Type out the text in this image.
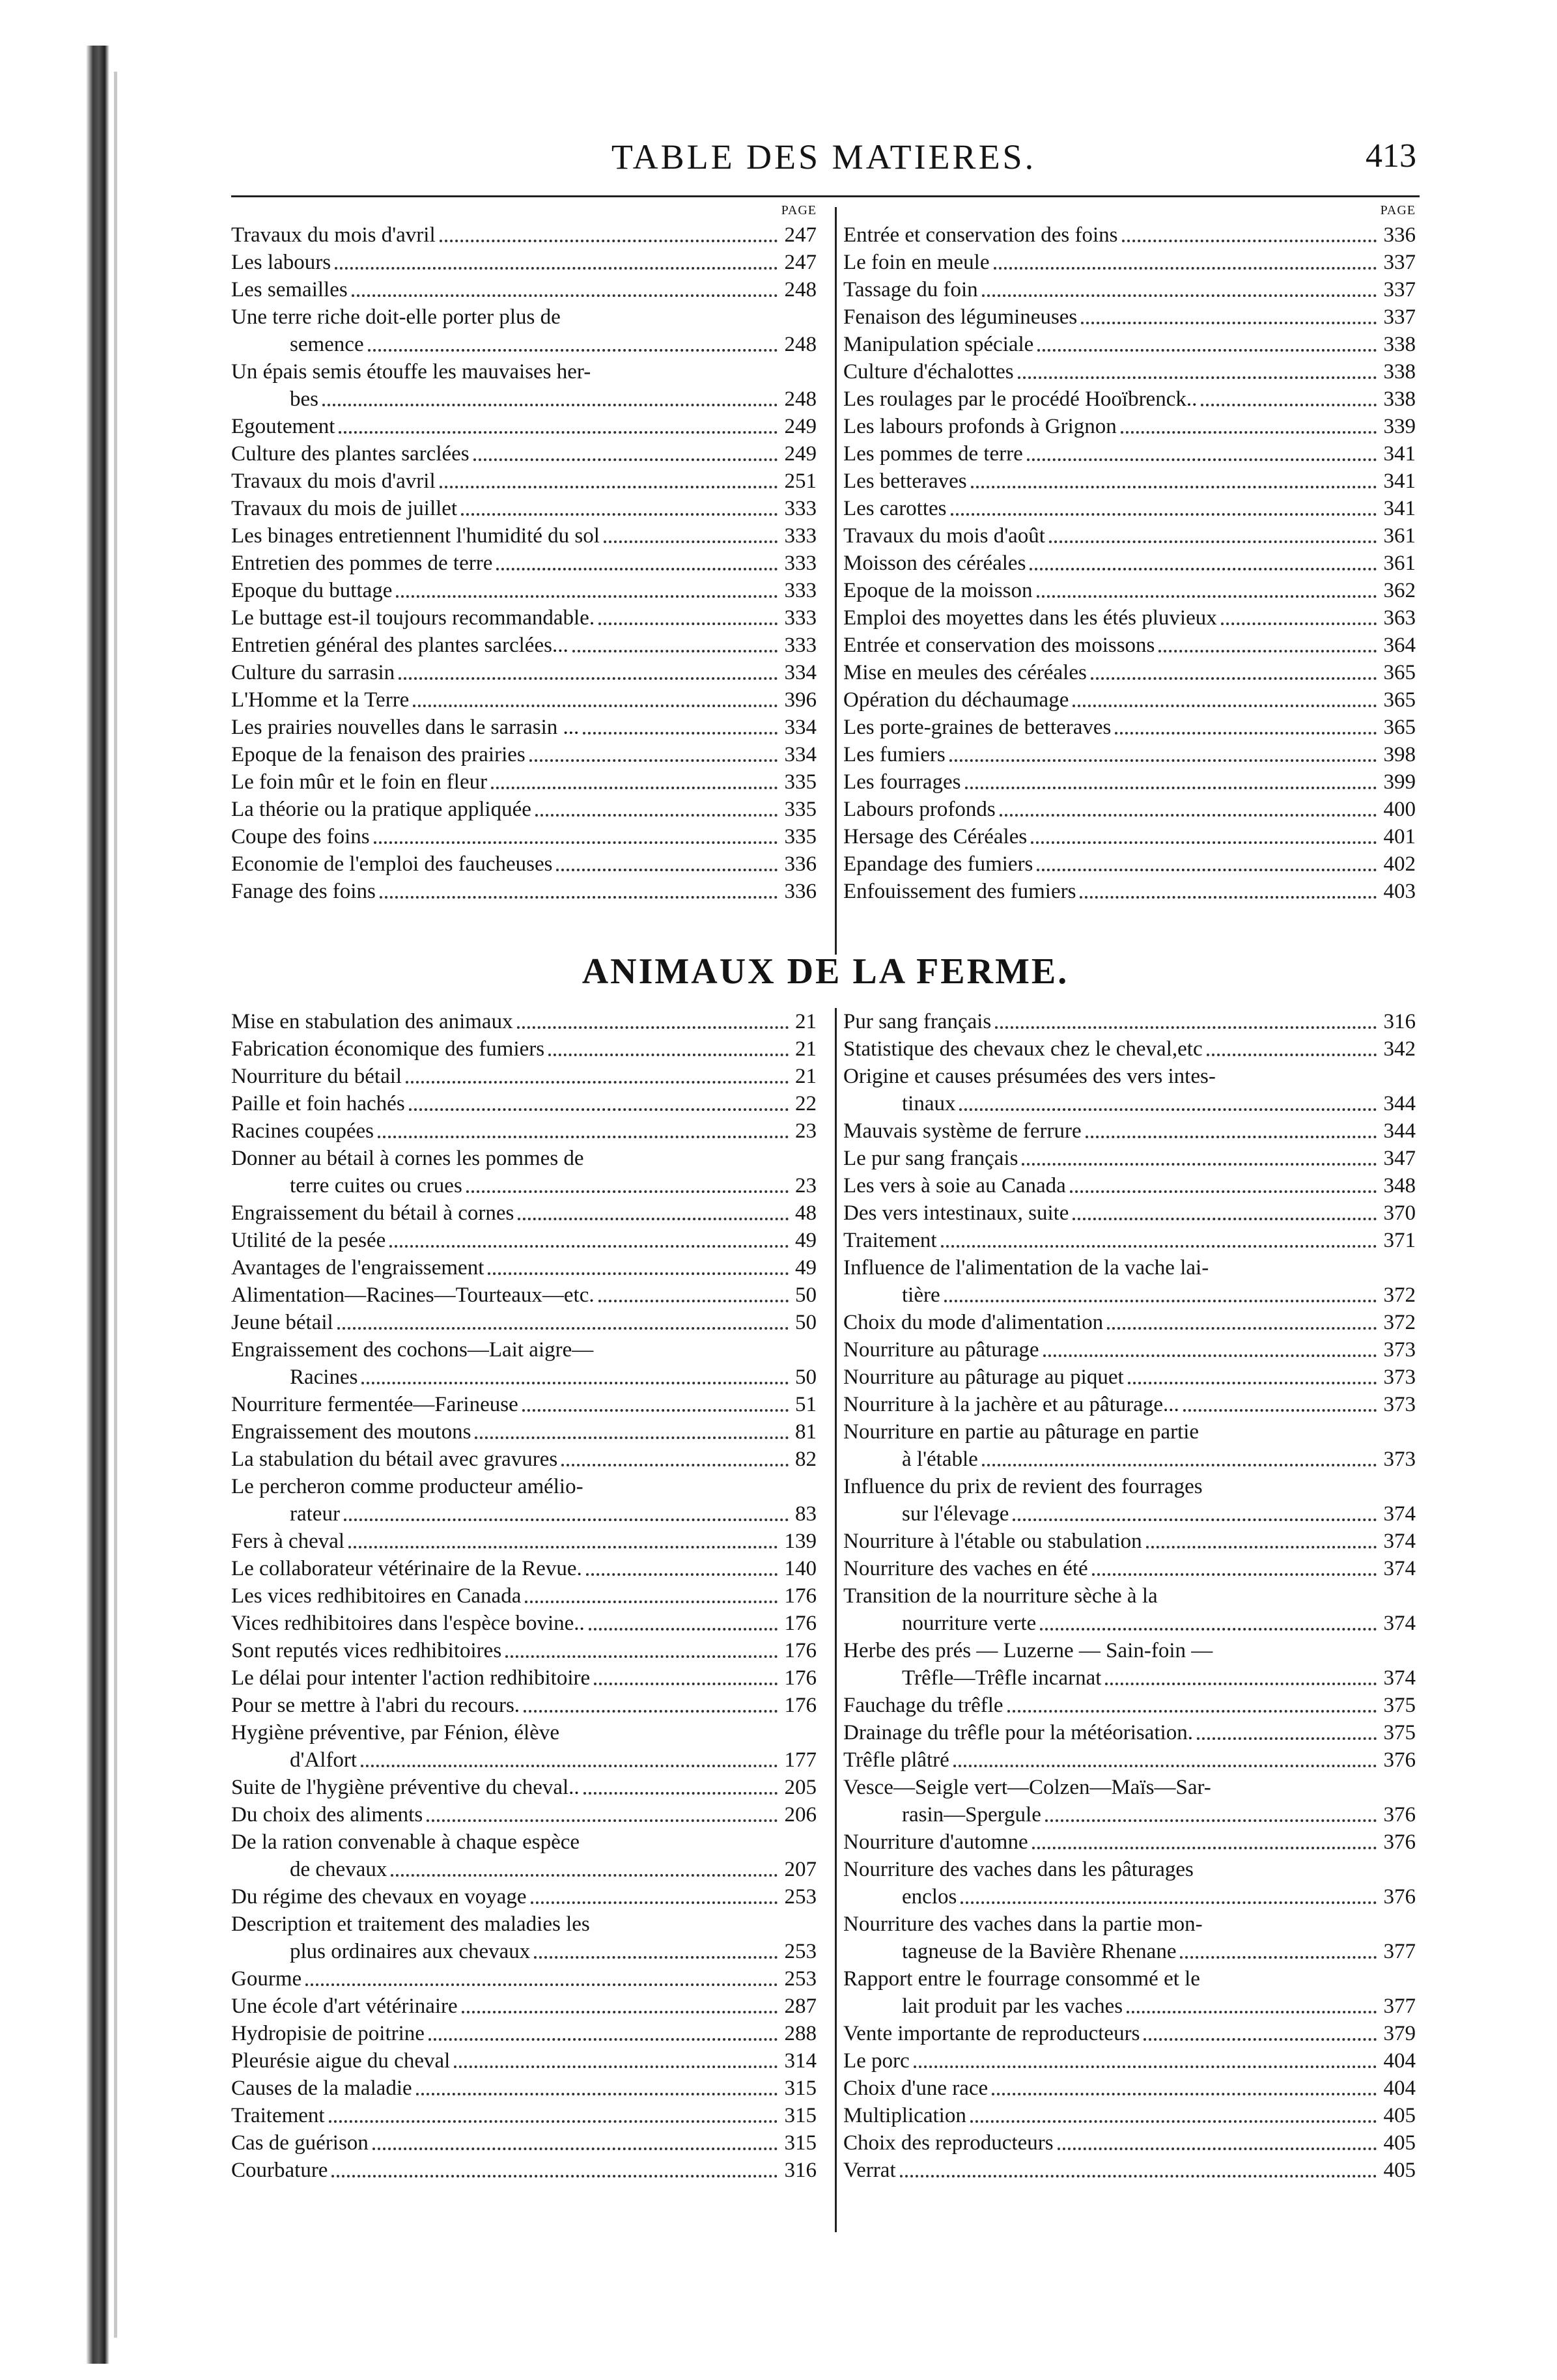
TABLE DES MATIERES.	413
PAGE
Travaux du mois d'avril	247
Les labours	247
Les semailles	248
Une terre riche doit-elle porter plus de
semence	248
Un épais semis étouffe les mauvaises her-
bes	248
Egoutement	249
Culture des plantes sarclées	249
Travaux du mois d'avril	251
Travaux du mois de juillet	333
Les binages entretiennent l'humidité du sol	333
Entretien des pommes de terre	333
Epoque du buttage	333
Le buttage est-il toujours recommandable.	333
Entretien général des plantes sarclées...	333
Culture du sarrasin	334
L'Homme et la Terre	396
Les prairies nouvelles dans le sarrasin ...	334
Epoque de la fenaison des prairies	334
Le foin mûr et le foin en fleur	335
La théorie ou la pratique appliquée	335
Coupe des foins	335
Economie de l'emploi des faucheuses	336
Fanage des foins	336
PAGE
Entrée et conservation des foins	336
Le foin en meule	337
Tassage du foin	337
Fenaison des légumineuses	337
Manipulation spéciale	338
Culture d'échalottes	338
Les roulages par le procédé Hooïbrenck..	338
Les labours profonds à Grignon	339
Les pommes de terre	341
Les betteraves	341
Les carottes	341
Travaux du mois d'août	361
Moisson des céréales	361
Epoque de la moisson	362
Emploi des moyettes dans les étés pluvieux	363
Entrée et conservation des moissons	364
Mise en meules des céréales	365
Opération du déchaumage	365
Les porte-graines de betteraves	365
Les fumiers	398
Les fourrages	399
Labours profonds	400
Hersage des Céréales	401
Epandage des fumiers	402
Enfouissement des fumiers	403
ANIMAUX DE LA FERME.
Mise en stabulation des animaux	21
Fabrication économique des fumiers	21
Nourriture du bétail	21
Paille et foin hachés	22
Racines coupées	23
Donner au bétail à cornes les pommes de
terre cuites ou crues	23
Engraissement du bétail à cornes	48
Utilité de la pesée	49
Avantages de l'engraissement	49
Alimentation—Racines—Tourteaux—etc.	50
Jeune bétail	50
Engraissement des cochons—Lait aigre—
Racines	50
Nourriture fermentée—Farineuse	51
Engraissement des moutons	81
La stabulation du bétail avec gravures	82
Le percheron comme producteur amélio-
rateur	83
Fers à cheval	139
Le collaborateur vétérinaire de la Revue.	140
Les vices redhibitoires en Canada	176
Vices redhibitoires dans l'espèce bovine..	176
Sont reputés vices redhibitoires	176
Le délai pour intenter l'action redhibitoire	176
Pour se mettre à l'abri du recours.	176
Hygiène préventive, par Fénion, élève
d'Alfort	177
Suite de l'hygiène préventive du cheval..	205
Du choix des aliments	206
De la ration convenable à chaque espèce
de chevaux	207
Du régime des chevaux en voyage	253
Description et traitement des maladies les
plus ordinaires aux chevaux	253
Gourme	253
Une école d'art vétérinaire	287
Hydropisie de poitrine	288
Pleurésie aigue du cheval	314
Causes de la maladie	315
Traitement	315
Cas de guérison	315
Courbature	316
Pur sang français	316
Statistique des chevaux chez le cheval,etc	342
Origine et causes présumées des vers intes-
tinaux	344
Mauvais système de ferrure	344
Le pur sang français	347
Les vers à soie au Canada	348
Des vers intestinaux, suite	370
Traitement	371
Influence de l'alimentation de la vache lai-
tière	372
Choix du mode d'alimentation	372
Nourriture au pâturage	373
Nourriture au pâturage au piquet	373
Nourriture à la jachère et au pâturage...	373
Nourriture en partie au pâturage en partie
à l'étable	373
Influence du prix de revient des fourrages
sur l'élevage	374
Nourriture à l'étable ou stabulation	374
Nourriture des vaches en été	374
Transition de la nourriture sèche à la
nourriture verte	374
Herbe des prés — Luzerne — Sain-foin —
Trêfle—Trêfle incarnat	374
Fauchage du trêfle	375
Drainage du trêfle pour la météorisation.	375
Trêfle plâtré	376
Vesce—Seigle vert—Colzen—Maïs—Sar-
rasin—Spergule	376
Nourriture d'automne	376
Nourriture des vaches dans les pâturages
enclos	376
Nourriture des vaches dans la partie mon-
tagneuse de la Bavière Rhenane	377
Rapport entre le fourrage consommé et le
lait produit par les vaches	377
Vente importante de reproducteurs	379
Le porc	404
Choix d'une race	404
Multiplication	405
Choix des reproducteurs	405
Verrat	405
